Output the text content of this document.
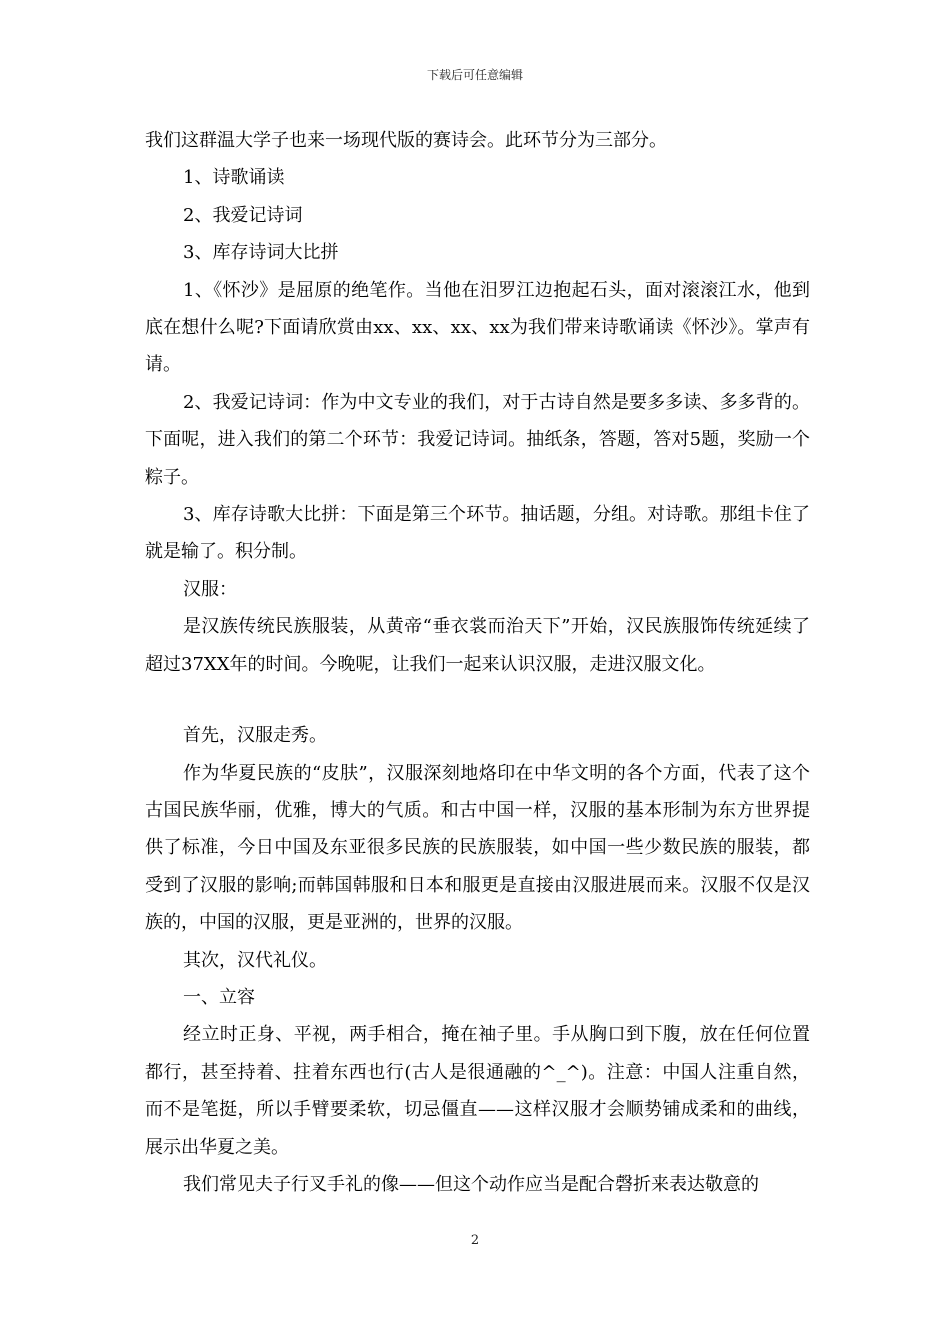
下载后可任意编辑

我们这群温大学子也来一场现代版的赛诗会。此环节分为三部分。

1、诗歌诵读

2、我爱记诗词

3、库存诗词大比拼

1、《怀沙》是屈原的绝笔作。当他在汨罗江边抱起石头，面对滚滚江水，他到底在想什么呢?下面请欣赏由xx、xx、xx、xx为我们带来诗歌诵读《怀沙》。掌声有请。

2、我爱记诗词：作为中文专业的我们，对于古诗自然是要多多读、多多背的。下面呢，进入我们的第二个环节：我爱记诗词。抽纸条，答题，答对5题，奖励一个粽子。

3、库存诗歌大比拼：下面是第三个环节。抽话题，分组。对诗歌。那组卡住了就是输了。积分制。

汉服：

是汉族传统民族服装，从黄帝“垂衣裳而治天下”开始，汉民族服饰传统延续了超过37XX年的时间。今晚呢，让我们一起来认识汉服，走进汉服文化。

首先，汉服走秀。

作为华夏民族的“皮肤”，汉服深刻地烙印在中华文明的各个方面，代表了这个古国民族华丽，优雅，博大的气质。和古中国一样，汉服的基本形制为东方世界提供了标准，今日中国及东亚很多民族的民族服装，如中国一些少数民族的服装，都受到了汉服的影响;而韩国韩服和日本和服更是直接由汉服进展而来。汉服不仅是汉族的，中国的汉服，更是亚洲的，世界的汉服。

其次，汉代礼仪。

一、立容

经立时正身、平视，两手相合，掩在袖子里。手从胸口到下腹，放在任何位置都行，甚至持着、拄着东西也行(古人是很通融的^_^)。注意：中国人注重自然，而不是笔挺，所以手臂要柔软，切忌僵直——这样汉服才会顺势铺成柔和的曲线，展示出华夏之美。

我们常见夫子行叉手礼的像——但这个动作应当是配合磬折来表达敬意的

2
